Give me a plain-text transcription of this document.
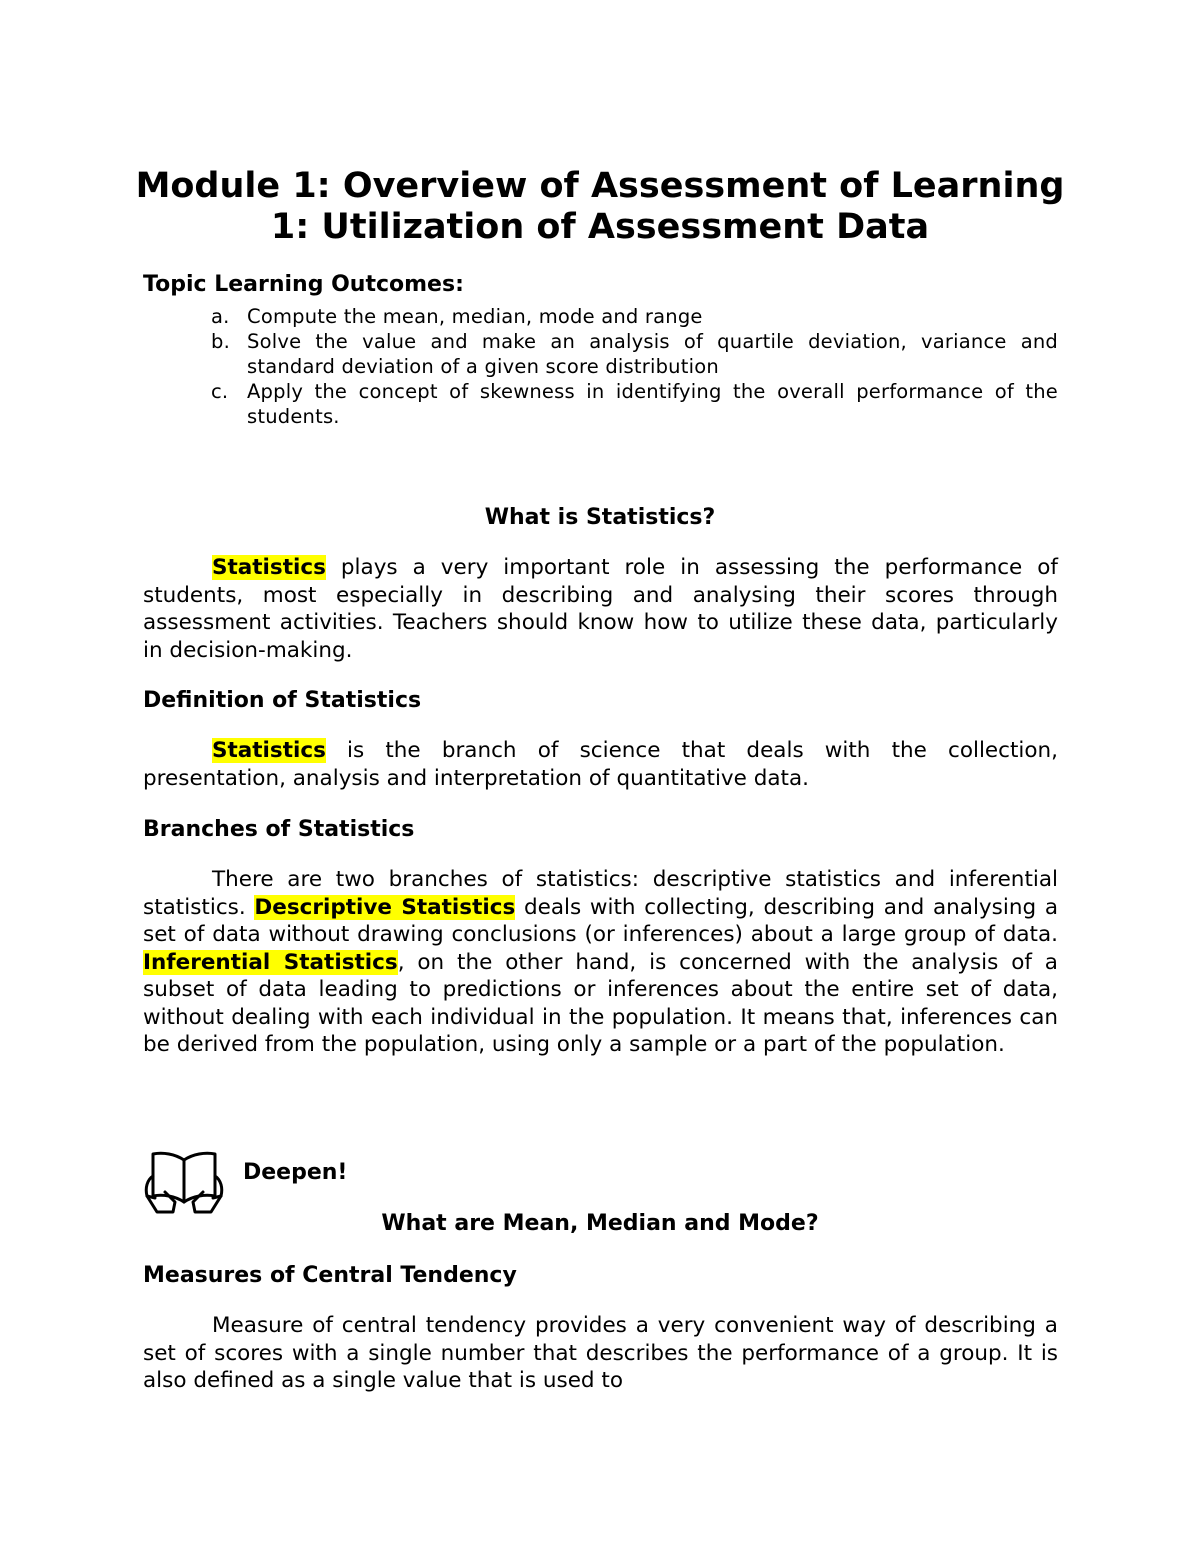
Module 1: Overview of Assessment of Learning
1: Utilization of Assessment Data
Topic Learning Outcomes:
a. Compute the mean, median, mode and range
b. Solve the value and make an analysis of quartile deviation, variance and standard deviation of a given score distribution
c. Apply the concept of skewness in identifying the overall performance of the students.
What is Statistics?
Statistics plays a very important role in assessing the performance of students, most especially in describing and analysing their scores through assessment activities. Teachers should know how to utilize these data, particularly in decision-making.
Definition of Statistics
Statistics is the branch of science that deals with the collection, presentation, analysis and interpretation of quantitative data.
Branches of Statistics
There are two branches of statistics: descriptive statistics and inferential statistics. Descriptive Statistics deals with collecting, describing and analysing a set of data without drawing conclusions (or inferences) about a large group of data. Inferential Statistics, on the other hand, is concerned with the analysis of a subset of data leading to predictions or inferences about the entire set of data, without dealing with each individual in the population. It means that, inferences can be derived from the population, using only a sample or a part of the population.
Deepen!
What are Mean, Median and Mode?
Measures of Central Tendency
Measure of central tendency provides a very convenient way of describing a set of scores with a single number that describes the performance of a group. It is also defined as a single value that is used to
